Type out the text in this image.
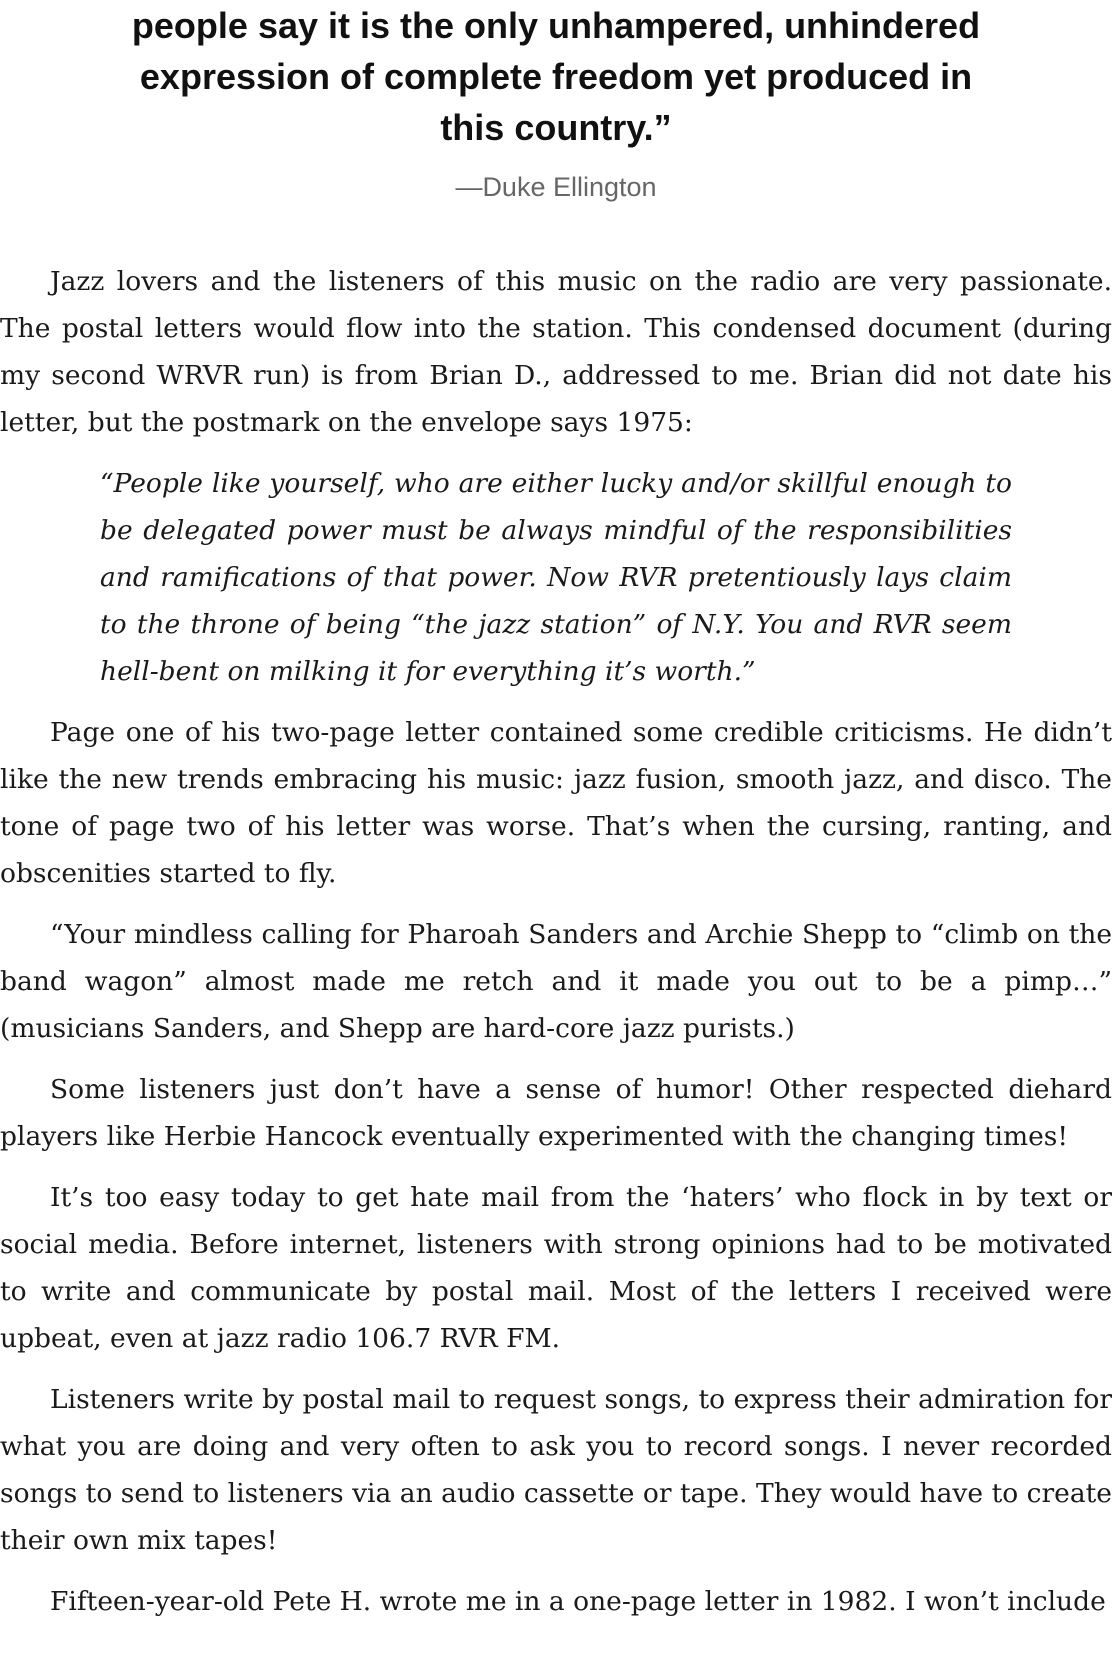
people say it is the only unhampered, unhindered
expression of complete freedom yet produced in
this country.”
—Duke Ellington

Jazz lovers and the listeners of this music on the radio are very passionate. The postal letters would flow into the station. This condensed document (during my second WRVR run) is from Brian D., addressed to me. Brian did not date his letter, but the postmark on the envelope says 1975:

“People like yourself, who are either lucky and/or skillful enough to be delegated power must be always mindful of the responsibilities and ramifications of that power. Now RVR pretentiously lays claim to the throne of being “the jazz station” of N.Y. You and RVR seem hell-bent on milking it for everything it’s worth.”

Page one of his two-page letter contained some credible criticisms. He didn’t like the new trends embracing his music: jazz fusion, smooth jazz, and disco. The tone of page two of his letter was worse. That’s when the cursing, ranting, and obscenities started to fly.

“Your mindless calling for Pharoah Sanders and Archie Shepp to “climb on the band wagon” almost made me retch and it made you out to be a pimp…” (musicians Sanders, and Shepp are hard-core jazz purists.)

Some listeners just don’t have a sense of humor! Other respected diehard players like Herbie Hancock eventually experimented with the changing times!

It’s too easy today to get hate mail from the ‘haters’ who flock in by text or social media. Before internet, listeners with strong opinions had to be motivated to write and communicate by postal mail. Most of the letters I received were upbeat, even at jazz radio 106.7 RVR FM.

Listeners write by postal mail to request songs, to express their admiration for what you are doing and very often to ask you to record songs. I never recorded songs to send to listeners via an audio cassette or tape. They would have to create their own mix tapes!

Fifteen-year-old Pete H. wrote me in a one-page letter in 1982. I won’t include
